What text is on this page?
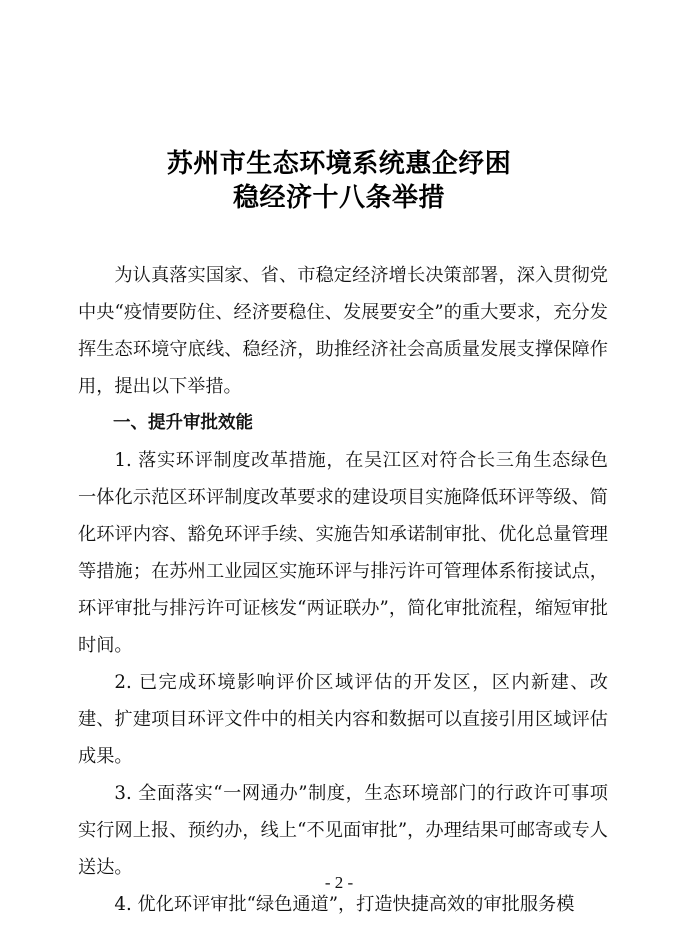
苏州市生态环境系统惠企纾困
稳经济十八条举措

为认真落实国家、省、市稳定经济增长决策部署，深入贯彻党中央“疫情要防住、经济要稳住、发展要安全”的重大要求，充分发挥生态环境守底线、稳经济，助推经济社会高质量发展支撑保障作用，提出以下举措。

一、提升审批效能

1. 落实环评制度改革措施，在吴江区对符合长三角生态绿色一体化示范区环评制度改革要求的建设项目实施降低环评等级、简化环评内容、豁免环评手续、实施告知承诺制审批、优化总量管理等措施；在苏州工业园区实施环评与排污许可管理体系衔接试点，环评审批与排污许可证核发“两证联办”，简化审批流程，缩短审批时间。

2. 已完成环境影响评价区域评估的开发区，区内新建、改建、扩建项目环评文件中的相关内容和数据可以直接引用区域评估成果。

3. 全面落实“一网通办”制度，生态环境部门的行政许可事项实行网上报、预约办，线上“不见面审批”，办理结果可邮寄或专人送达。

4. 优化环评审批“绿色通道”，打造快捷高效的审批服务模

- 2 -
